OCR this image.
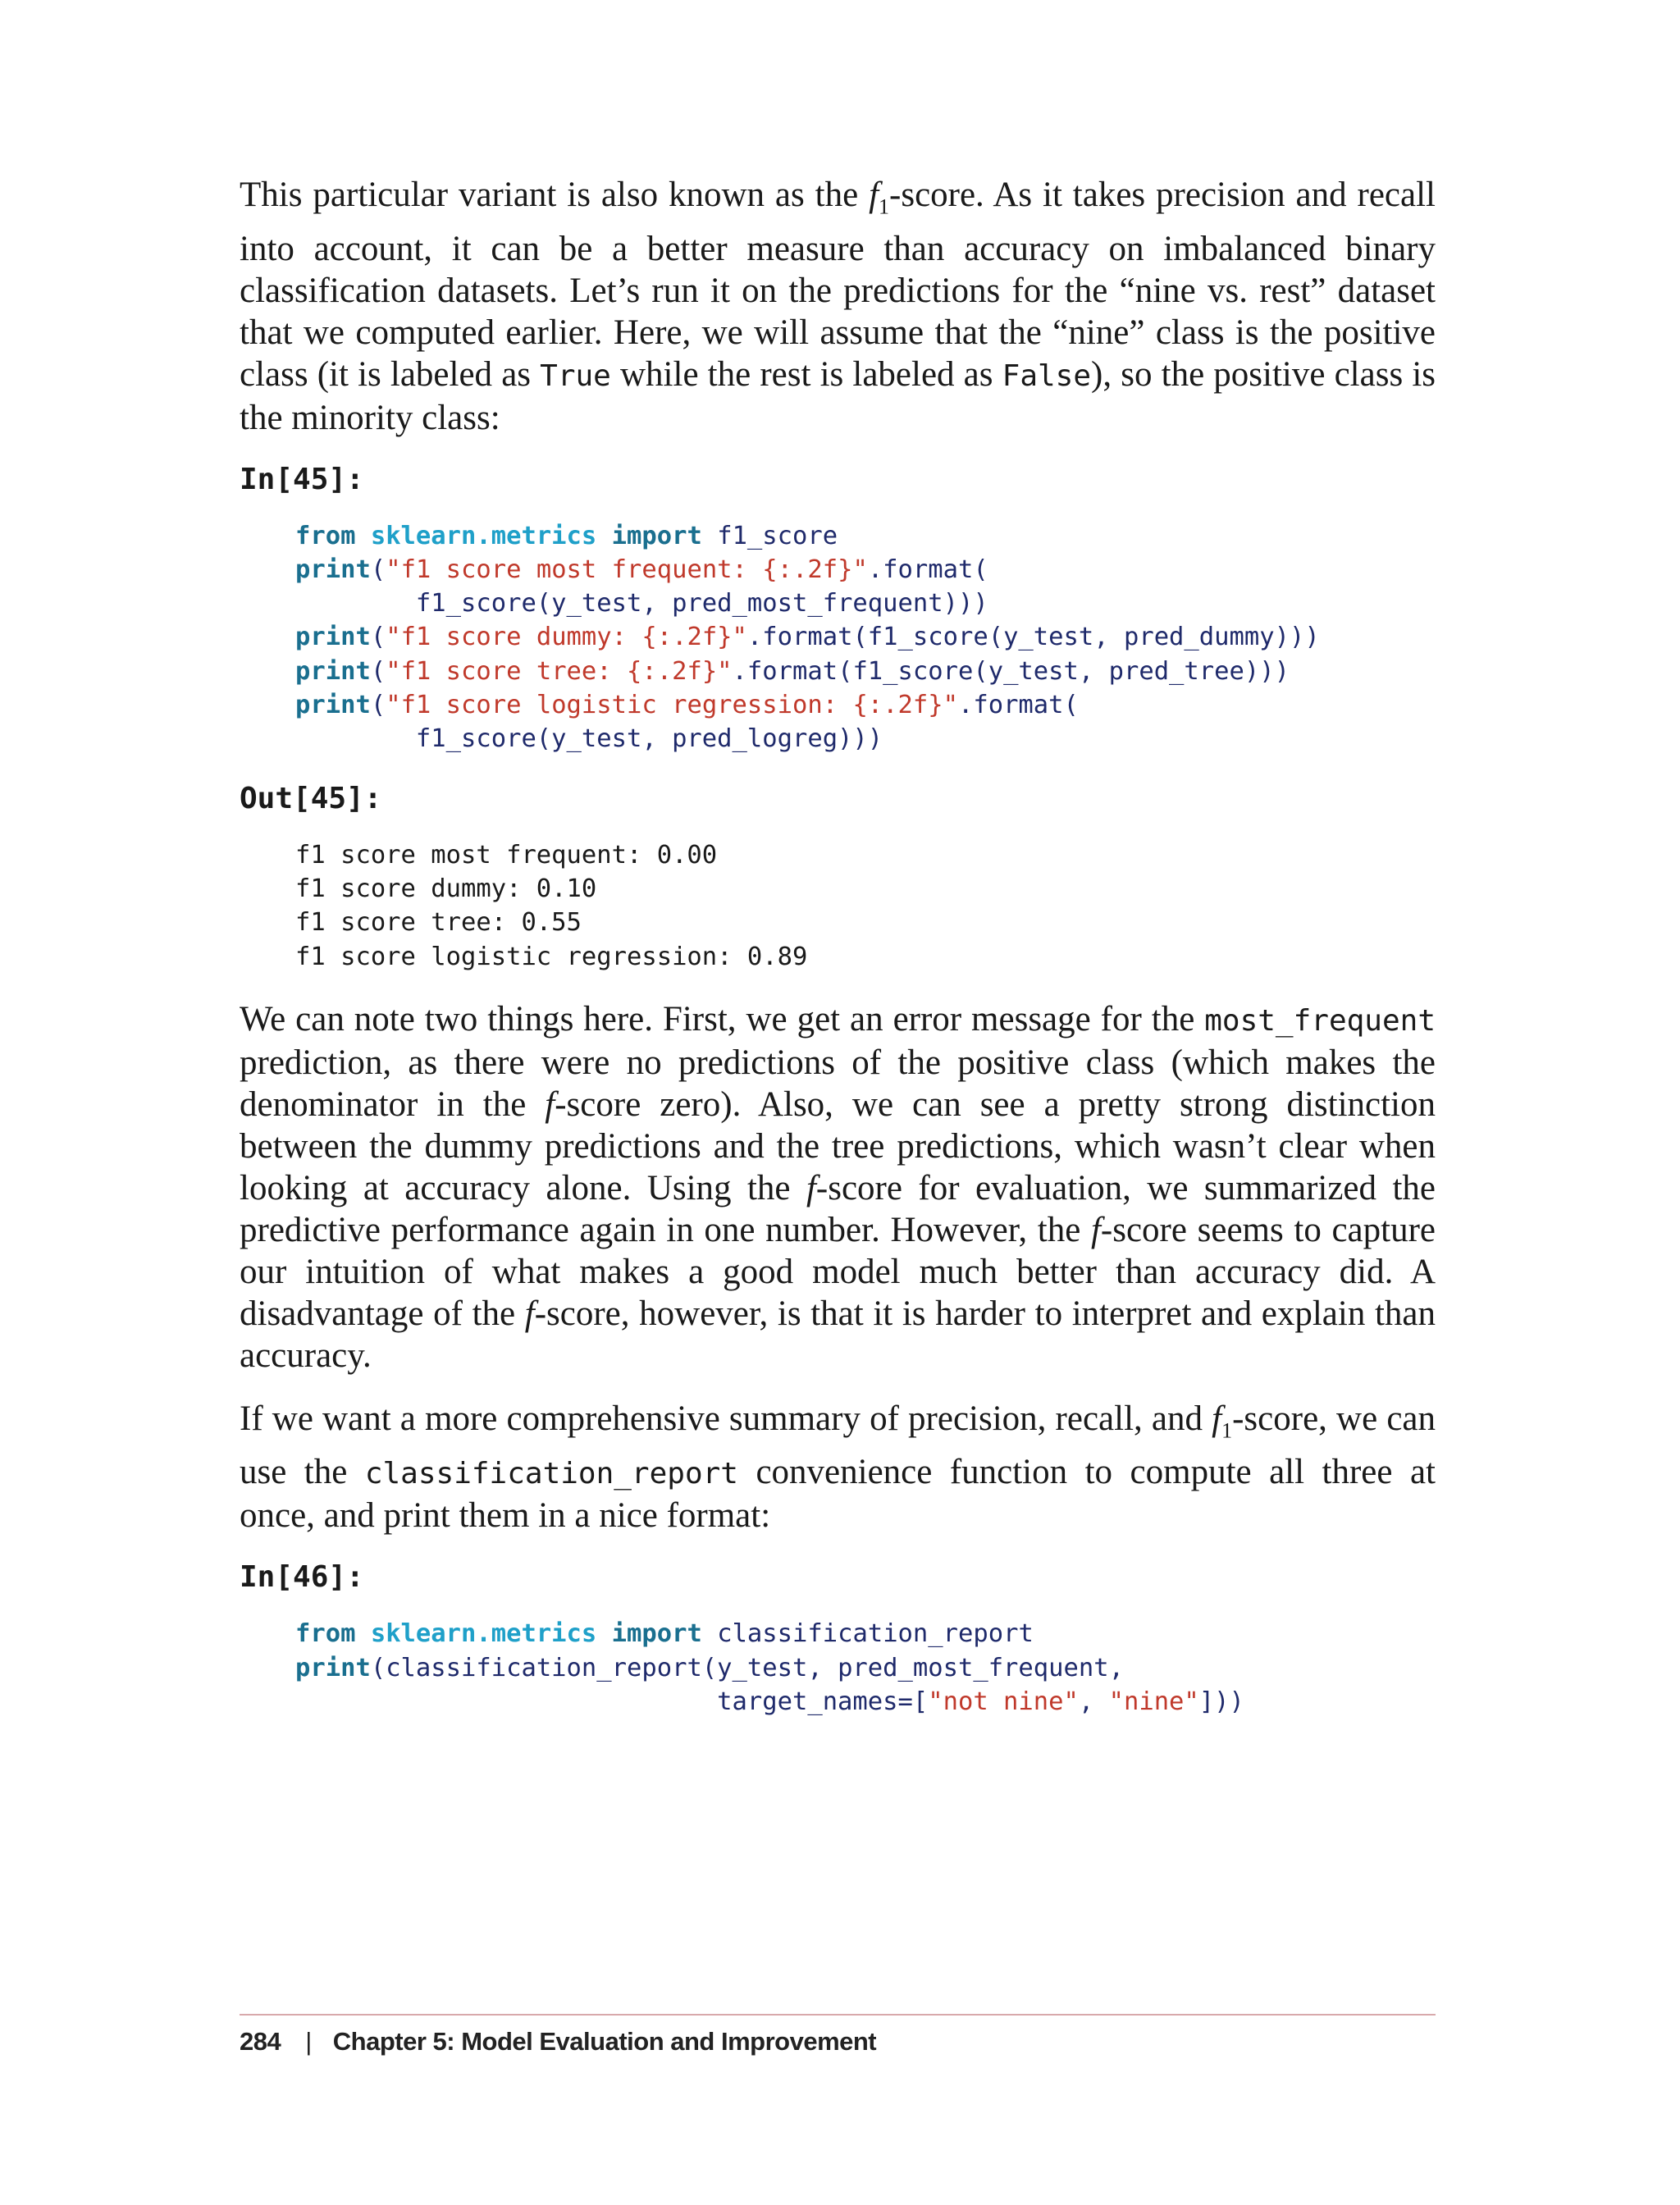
This particular variant is also known as the $f_1$-score. As it takes precision and recall into account, it can be a better measure than accuracy on imbalanced binary classification datasets. Let’s run it on the predictions for the “nine vs. rest” dataset that we computed earlier. Here, we will assume that the “nine” class is the positive class (it is labeled as True while the rest is labeled as False), so the positive class is the minority class:

In[45]:
from sklearn.metrics import f1_score
print("f1 score most frequent: {:.2f}".format(
f1_score(y_test, pred_most_frequent)))
print("f1 score dummy: {:.2f}".format(f1_score(y_test, pred_dummy)))
print("f1 score tree: {:.2f}".format(f1_score(y_test, pred_tree)))
print("f1 score logistic regression: {:.2f}".format(
f1_score(y_test, pred_logreg)))
Out[45]:
f1 score most frequent: 0.00
f1 score dummy: 0.10
f1 score tree: 0.55
f1 score logistic regression: 0.89

We can note two things here. First, we get an error message for the most_frequent prediction, as there were no predictions of the positive class (which makes the denominator in the f-score zero). Also, we can see a pretty strong distinction between the dummy predictions and the tree predictions, which wasn’t clear when looking at accuracy alone. Using the f-score for evaluation, we summarized the predictive performance again in one number. However, the f-score seems to capture our intuition of what makes a good model much better than accuracy did. A disadvantage of the f-score, however, is that it is harder to interpret and explain than accuracy.

If we want a more comprehensive summary of precision, recall, and $f_1$-score, we can use the classification_report convenience function to compute all three at once, and print them in a nice format:

In[46]:
from sklearn.metrics import classification_report
print(classification_report(y_test, pred_most_frequent,
target_names=["not nine", "nine"]))
284 | Chapter 5: Model Evaluation and Improvement
